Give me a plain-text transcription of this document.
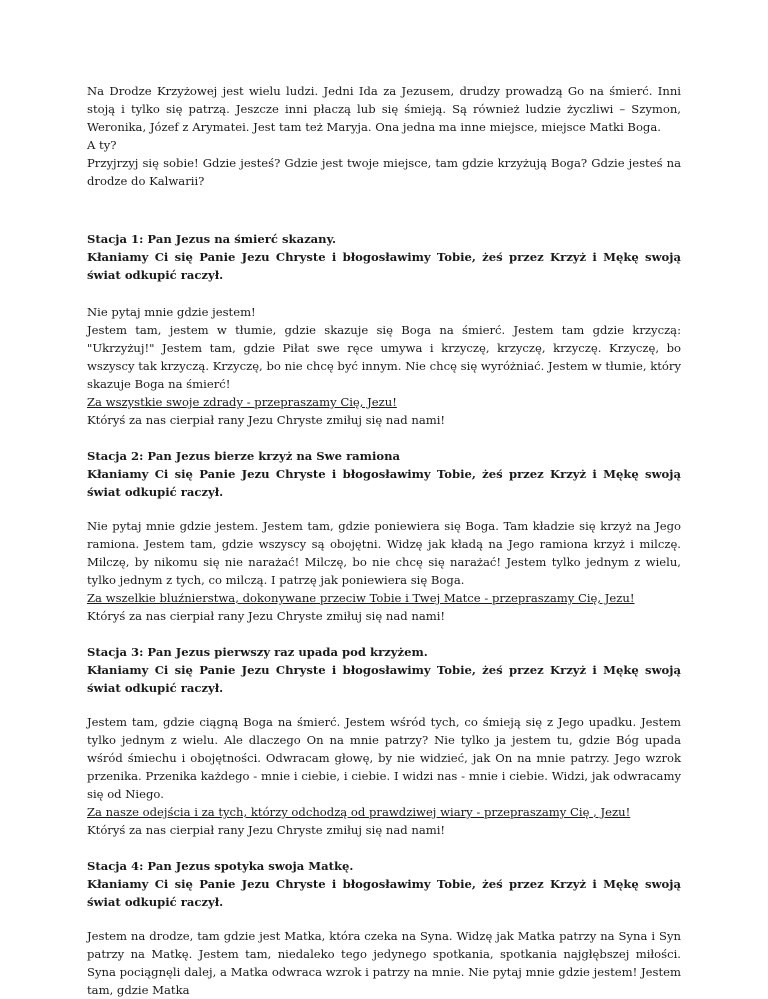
Na Drodze Krzyżowej jest wielu ludzi. Jedni Ida za Jezusem, drudzy prowadzą Go na śmierć. Inni stoją i tylko się patrzą. Jeszcze inni płaczą lub się śmieją. Są również ludzie życzliwi – Szymon, Weronika, Józef z Arymatei. Jest tam też Maryja. Ona jedna ma inne miejsce, miejsce Matki Boga.

A ty?

Przyjrzyj się sobie! Gdzie jesteś? Gdzie jest twoje miejsce, tam gdzie krzyżują Boga? Gdzie jesteś na drodze do Kalwarii?

Stacja 1: Pan Jezus na śmierć skazany.

Kłaniamy Ci się Panie Jezu Chryste i błogosławimy Tobie, żeś przez Krzyż i Mękę swoją świat odkupić raczył.

Nie pytaj mnie gdzie jestem!

Jestem tam, jestem w tłumie, gdzie skazuje się Boga na śmierć. Jestem tam gdzie krzyczą: "Ukrzyżuj!" Jestem tam, gdzie Piłat swe ręce umywa i krzyczę, krzyczę, krzyczę. Krzyczę, bo wszyscy tak krzyczą. Krzyczę, bo nie chcę być innym. Nie chcę się wyróżniać. Jestem w tłumie, który skazuje Boga na śmierć!

Za wszystkie swoje zdrady - przepraszamy Cię, Jezu!

Któryś za nas cierpiał rany Jezu Chryste zmiłuj się nad nami!

Stacja 2: Pan Jezus bierze krzyż na Swe ramiona

Kłaniamy Ci się Panie Jezu Chryste i błogosławimy Tobie, żeś przez Krzyż i Mękę swoją świat odkupić raczył.

Nie pytaj mnie gdzie jestem. Jestem tam, gdzie poniewiera się Boga. Tam kładzie się krzyż na Jego ramiona. Jestem tam, gdzie wszyscy są obojętni. Widzę jak kładą na Jego ramiona krzyż i milczę. Milczę, by nikomu się nie narażać! Milczę, bo nie chcę się narażać! Jestem tylko jednym z wielu, tylko jednym z tych, co milczą. I patrzę jak poniewiera się Boga.

Za wszelkie bluźnierstwa, dokonywane przeciw Tobie i Twej Matce - przepraszamy Cię, Jezu!

Któryś za nas cierpiał rany Jezu Chryste zmiłuj się nad nami!

Stacja 3: Pan Jezus pierwszy raz upada pod krzyżem.

Kłaniamy Ci się Panie Jezu Chryste i błogosławimy Tobie, żeś przez Krzyż i Mękę swoją świat odkupić raczył.

Jestem tam, gdzie ciągną Boga na śmierć. Jestem wśród tych, co śmieją się z Jego upadku. Jestem tylko jednym z wielu. Ale dlaczego On na mnie patrzy? Nie tylko ja jestem tu, gdzie Bóg upada wśród śmiechu i obojętności. Odwracam głowę, by nie widzieć, jak On na mnie patrzy. Jego wzrok przenika. Przenika każdego - mnie i ciebie, i ciebie. I widzi nas - mnie i ciebie. Widzi, jak odwracamy się od Niego.

Za nasze odejścia i za tych, którzy odchodzą od prawdziwej wiary - przepraszamy Cię , Jezu!

Któryś za nas cierpiał rany Jezu Chryste zmiłuj się nad nami!

Stacja 4: Pan Jezus spotyka swoja Matkę.

Kłaniamy Ci się Panie Jezu Chryste i błogosławimy Tobie, żeś przez Krzyż i Mękę swoją świat odkupić raczył.

Jestem na drodze, tam gdzie jest Matka, która czeka na Syna. Widzę jak Matka patrzy na Syna i Syn patrzy na Matkę. Jestem tam, niedaleko tego jedynego spotkania, spotkania najgłębszej miłości. Syna pociągnęli dalej, a Matka odwraca wzrok i patrzy na mnie. Nie pytaj mnie gdzie jestem! Jestem tam, gdzie Matka
